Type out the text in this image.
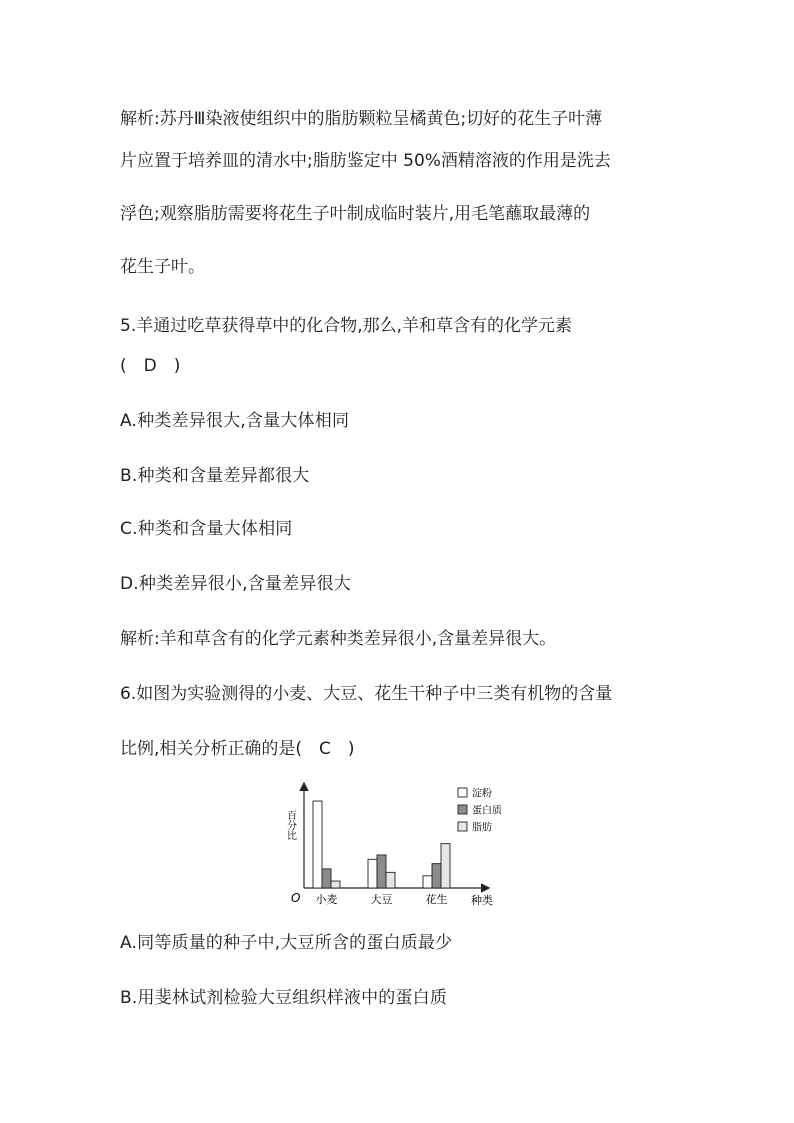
解析:苏丹Ⅲ染液使组织中的脂肪颗粒呈橘黄色;切好的花生子叶薄
片应置于培养皿的清水中;脂肪鉴定中 50%酒精溶液的作用是洗去
浮色;观察脂肪需要将花生子叶制成临时装片,用毛笔蘸取最薄的
花生子叶。
5.羊通过吃草获得草中的化合物,那么,羊和草含有的化学元素
(　D　)
A.种类差异很大,含量大体相同
B.种类和含量差异都很大
C.种类和含量大体相同
D.种类差异很小,含量差异很大
解析:羊和草含有的化学元素种类差异很小,含量差异很大。
6.如图为实验测得的小麦、大豆、花生干种子中三类有机物的含量
比例,相关分析正确的是(　C　)
百分比
O	种类
小麦	大豆	花生
淀粉
蛋白质
脂肪
A.同等质量的种子中,大豆所含的蛋白质最少
B.用斐林试剂检验大豆组织样液中的蛋白质
